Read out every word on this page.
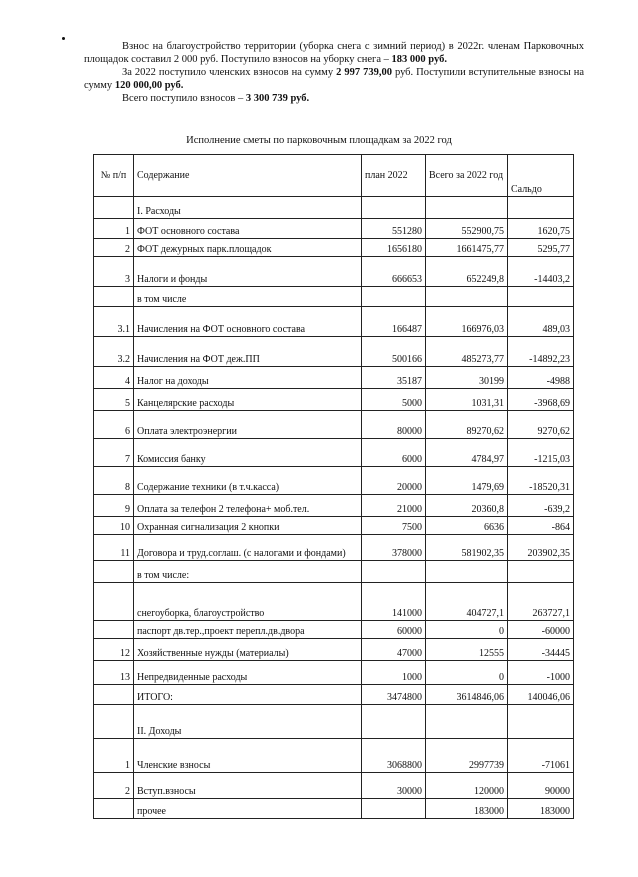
Взнос на благоустройство территории (уборка снега с зимний период) в 2022г. членам Парковочных площадок составил 2 000 руб. Поступило взносов на уборку снега – 183 000 руб.

За 2022 поступило членских взносов на сумму 2 997 739,00 руб. Поступили вступительные взносы на сумму 120 000,00 руб.

Всего поступило взносов – 3 300 739 руб.

Исполнение сметы по парковочным площадкам за 2022 год
№ п/п	Содержание	план 2022	Всего за 2022 год	Сальдо
	I. Расходы			
1	ФОТ основного состава	551280	552900,75	1620,75
2	ФОТ дежурных парк.площадок	1656180	1661475,77	5295,77
3	Налоги и фонды	666653	652249,8	-14403,2
	в том числе			
3.1	Начисления на ФОТ основного состава	166487	166976,03	489,03
3.2	Начисления на ФОТ деж.ПП	500166	485273,77	-14892,23
4	Налог на доходы	35187	30199	-4988
5	Канцелярские расходы	5000	1031,31	-3968,69
6	Оплата электроэнергии	80000	89270,62	9270,62
7	Комиссия банку	6000	4784,97	-1215,03
8	Содержание техники (в т.ч.касса)	20000	1479,69	-18520,31
9	Оплата за телефон 2 телефона+ моб.тел.	21000	20360,8	-639,2
10	Охранная сигнализация 2 кнопки	7500	6636	-864
11	Договора и труд.соглаш. (с налогами и фондами)	378000	581902,35	203902,35
	в том числе:			
	снегоуборка, благоустройство	141000	404727,1	263727,1
	паспорт дв.тер.,проект перепл.дв.двора	60000	0	-60000
12	Хозяйственные нужды (материалы)	47000	12555	-34445
13	Непредвиденные расходы	1000	0	-1000
	ИТОГО:	3474800	3614846,06	140046,06
	II. Доходы			
1	Членские взносы	3068800	2997739	-71061
2	Вступ.взносы	30000	120000	90000
	прочее		183000	183000
